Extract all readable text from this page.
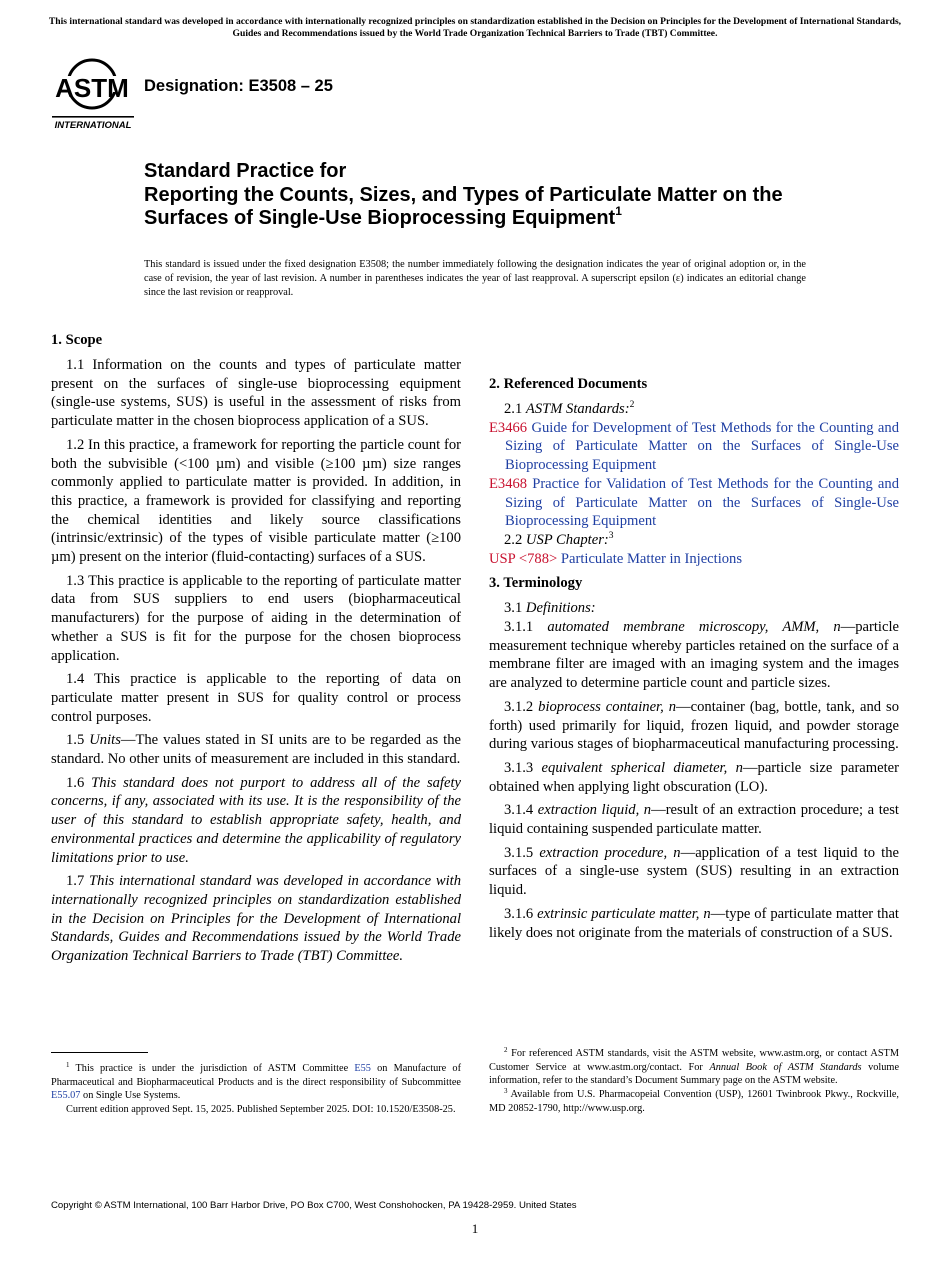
This international standard was developed in accordance with internationally recognized principles on standardization established in the Decision on Principles for the Development of International Standards, Guides and Recommendations issued by the World Trade Organization Technical Barriers to Trade (TBT) Committee.
ASTM
INTERNATIONAL
Designation: E3508 – 25
Standard Practice for
Reporting the Counts, Sizes, and Types of Particulate Matter on the Surfaces of Single-Use Bioprocessing Equipment$^1$
This standard is issued under the fixed designation E3508; the number immediately following the designation indicates the year of original adoption or, in the case of revision, the year of last revision. A number in parentheses indicates the year of last reapproval. A superscript epsilon (ε) indicates an editorial change since the last revision or reapproval.
1. Scope

1.1 Information on the counts and types of particulate matter present on the surfaces of single-use bioprocessing equipment (single-use systems, SUS) is useful in the assessment of risks from particulate matter in the chosen bioprocess application of a SUS.

1.2 In this practice, a framework for reporting the particle count for both the subvisible (<100 µm) and visible (≥100 µm) size ranges commonly applied to particulate matter is provided. In addition, in this practice, a framework is provided for classifying and reporting the chemical identities and likely source classifications (intrinsic/extrinsic) of the types of visible particulate matter (≥100 µm) present on the interior (fluid-contacting) surfaces of a SUS.

1.3 This practice is applicable to the reporting of particulate matter data from SUS suppliers to end users (biopharmaceutical manufacturers) for the purpose of aiding in the determination of whether a SUS is fit for the purpose for the chosen bioprocess application.

1.4 This practice is applicable to the reporting of data on particulate matter present in SUS for quality control or process control purposes.

1.5 Units—The values stated in SI units are to be regarded as the standard. No other units of measurement are included in this standard.

1.6 This standard does not purport to address all of the safety concerns, if any, associated with its use. It is the responsibility of the user of this standard to establish appropriate safety, health, and environmental practices and determine the applicability of regulatory limitations prior to use.

1.7 This international standard was developed in accordance with internationally recognized principles on standardization established in the Decision on Principles for the Development of International Standards, Guides and Recommendations issued by the World Trade Organization Technical Barriers to Trade (TBT) Committee.

2. Referenced Documents

2.1 ASTM Standards:$^2$

E3466 Guide for Development of Test Methods for the Counting and Sizing of Particulate Matter on the Surfaces of Single-Use Bioprocessing Equipment

E3468 Practice for Validation of Test Methods for the Counting and Sizing of Particulate Matter on the Surfaces of Single-Use Bioprocessing Equipment

2.2 USP Chapter:$^3$

USP <788> Particulate Matter in Injections

3. Terminology

3.1 Definitions:

3.1.1 automated membrane microscopy, AMM, n—particle measurement technique whereby particles retained on the surface of a membrane filter are imaged with an imaging system and the images are analyzed to determine particle count and particle sizes.

3.1.2 bioprocess container, n—container (bag, bottle, tank, and so forth) used primarily for liquid, frozen liquid, and powder storage during various stages of biopharmaceutical manufacturing processing.

3.1.3 equivalent spherical diameter, n—particle size parameter obtained when applying light obscuration (LO).

3.1.4 extraction liquid, n—result of an extraction procedure; a test liquid containing suspended particulate matter.

3.1.5 extraction procedure, n—application of a test liquid to the surfaces of a single-use system (SUS) resulting in an extraction liquid.

3.1.6 extrinsic particulate matter, n—type of particulate matter that likely does not originate from the materials of construction of a SUS.

$^1$ This practice is under the jurisdiction of ASTM Committee E55 on Manufacture of Pharmaceutical and Biopharmaceutical Products and is the direct responsibility of Subcommittee E55.07 on Single Use Systems.

Current edition approved Sept. 15, 2025. Published September 2025. DOI: 10.1520/E3508-25.

$^2$ For referenced ASTM standards, visit the ASTM website, www.astm.org, or contact ASTM Customer Service at www.astm.org/contact. For Annual Book of ASTM Standards volume information, refer to the standard’s Document Summary page on the ASTM website.

$^3$ Available from U.S. Pharmacopeial Convention (USP), 12601 Twinbrook Pkwy., Rockville, MD 20852-1790, http://www.usp.org.

Copyright © ASTM International, 100 Barr Harbor Drive, PO Box C700, West Conshohocken, PA 19428-2959. United States
1
